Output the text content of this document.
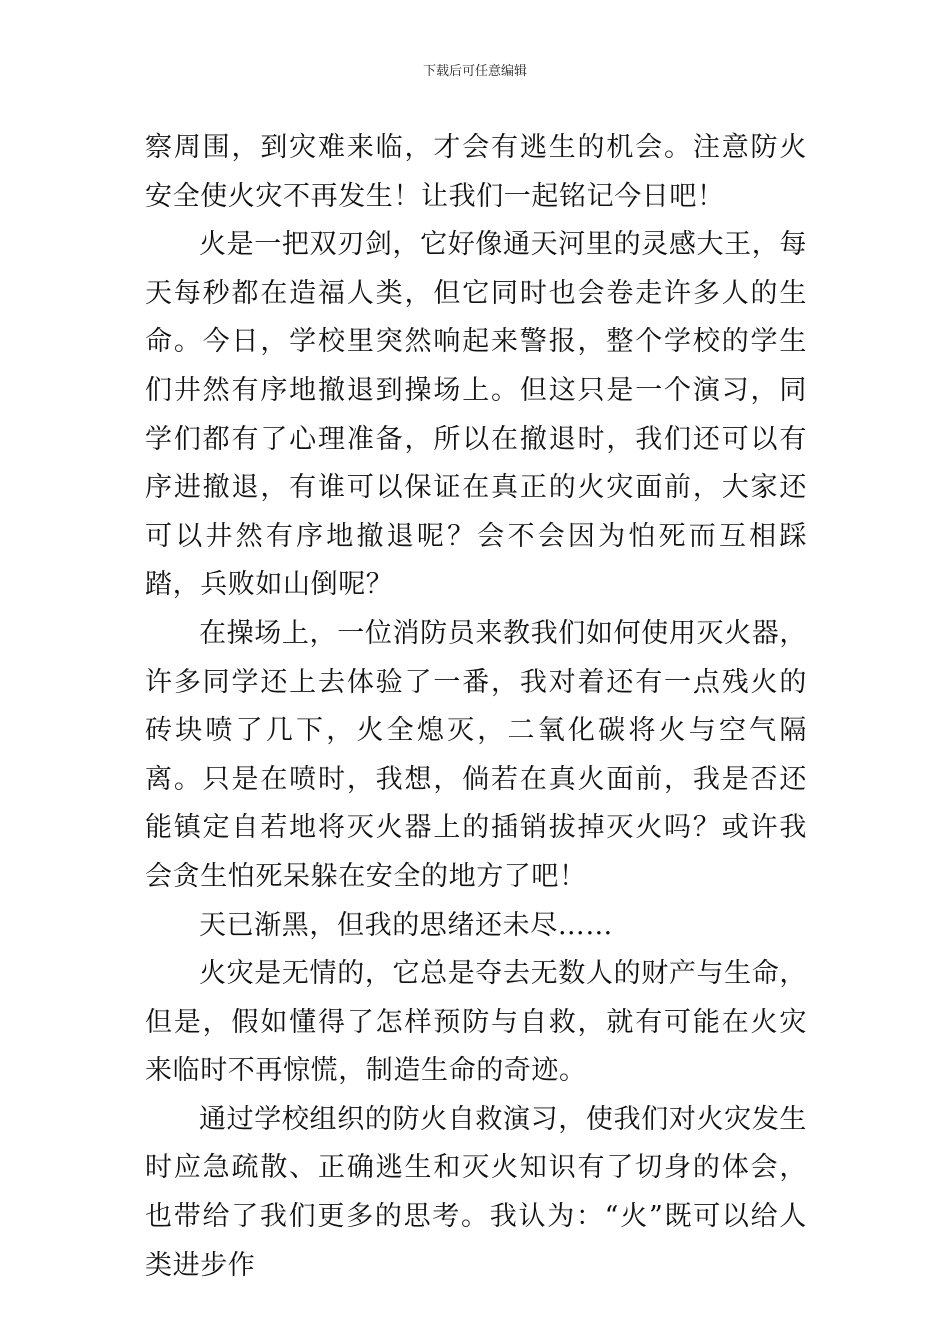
下载后可任意编辑

察周围，到灾难来临，才会有逃生的机会。注意防火安全使火灾不再发生！让我们一起铭记今日吧！

火是一把双刃剑，它好像通天河里的灵感大王，每天每秒都在造福人类，但它同时也会卷走许多人的生命。今日，学校里突然响起来警报，整个学校的学生们井然有序地撤退到操场上。但这只是一个演习，同学们都有了心理准备，所以在撤退时，我们还可以有序进撤退，有谁可以保证在真正的火灾面前，大家还可以井然有序地撤退呢？会不会因为怕死而互相踩踏，兵败如山倒呢？

在操场上，一位消防员来教我们如何使用灭火器，许多同学还上去体验了一番，我对着还有一点残火的砖块喷了几下，火全熄灭，二氧化碳将火与空气隔离。只是在喷时，我想，倘若在真火面前，我是否还能镇定自若地将灭火器上的插销拔掉灭火吗？或许我会贪生怕死呆躲在安全的地方了吧！

天已渐黑，但我的思绪还未尽……

火灾是无情的，它总是夺去无数人的财产与生命，但是，假如懂得了怎样预防与自救，就有可能在火灾来临时不再惊慌，制造生命的奇迹。

通过学校组织的防火自救演习，使我们对火灾发生时应急疏散、正确逃生和灭火知识有了切身的体会，也带给了我们更多的思考。我认为：“火”既可以给人类进步作
